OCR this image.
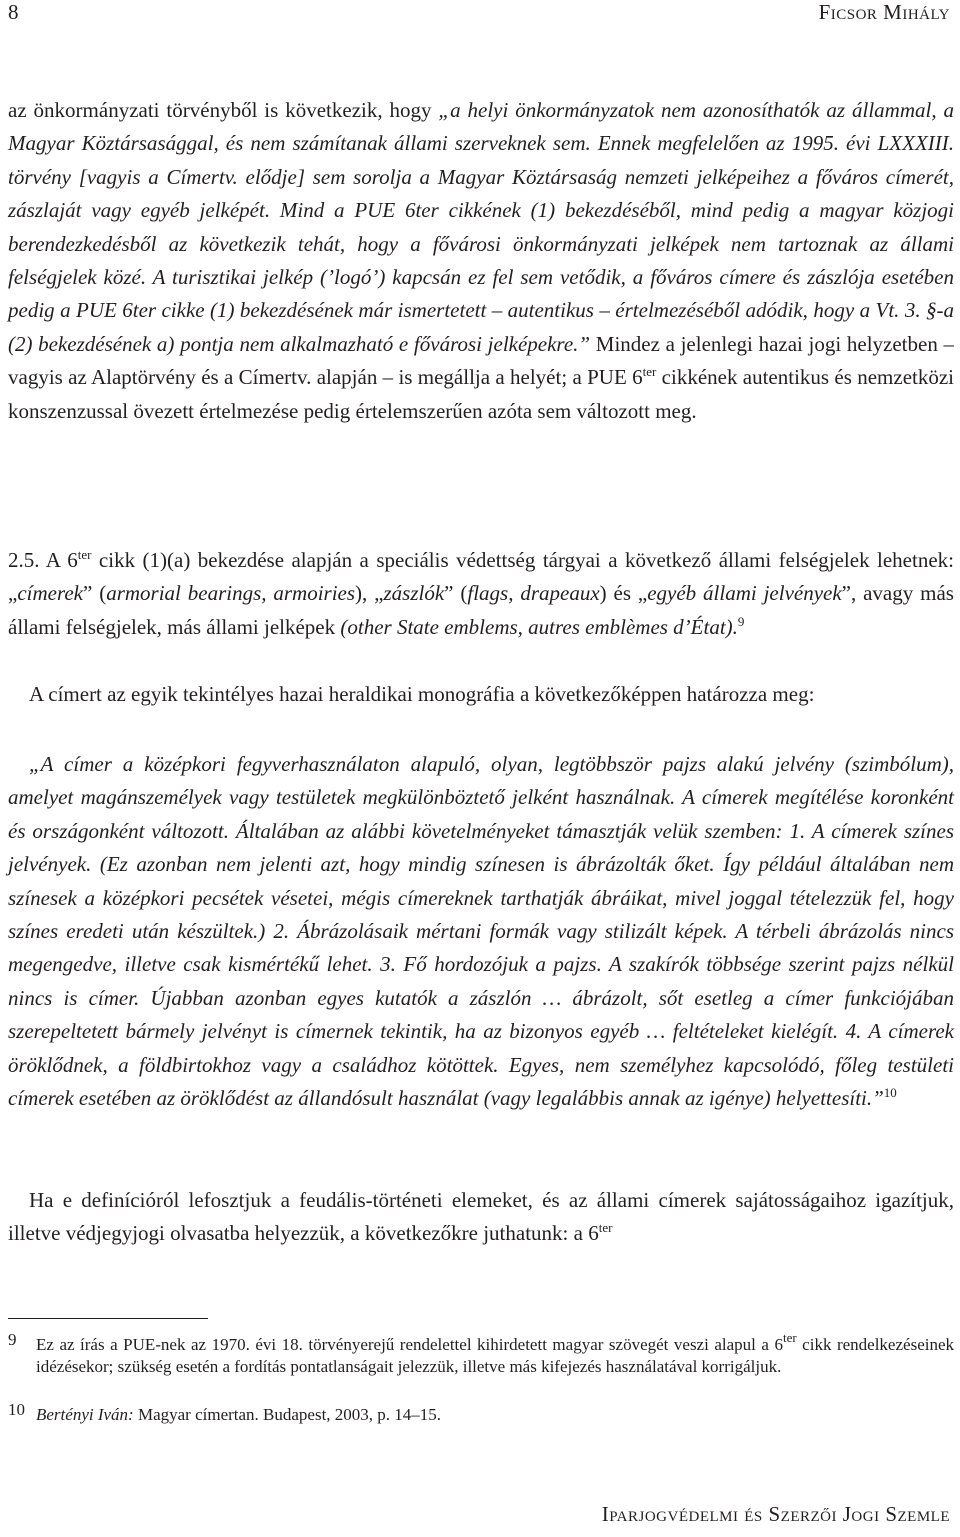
8	Ficsor Mihály

az önkormányzati törvényből is következik, hogy „a helyi önkormányzatok nem azonosíthatók az állammal, a Magyar Köztársasággal, és nem számítanak állami szerveknek sem. Ennek megfelelően az 1995. évi LXXXIII. törvény [vagyis a Címertv. elődje] sem sorolja a Magyar Köztársaság nemzeti jelképeihez a főváros címerét, zászlaját vagy egyéb jelképét. Mind a PUE 6ter cikkének (1) bekezdéséből, mind pedig a magyar közjogi berendezkedésből az következik tehát, hogy a fővárosi önkormányzati jelképek nem tartoznak az állami felségjelek közé. A turisztikai jelkép (’logó’) kapcsán ez fel sem vetődik, a főváros címere és zászlója esetében pedig a PUE 6ter cikke (1) bekezdésének már ismertetett – autentikus – értelmezéséből adódik, hogy a Vt. 3. §-a (2) bekezdésének a) pontja nem alkalmazható e fővárosi jelképekre.” Mindez a jelenlegi hazai jogi helyzetben – vagyis az Alaptörvény és a Címertv. alapján – is megállja a helyét; a PUE $6^{ter}$ cikkének autentikus és nemzetközi konszenzussal övezett értelmezése pedig értelemszerűen azóta sem változott meg.

2.5. A $6^{ter}$ cikk (1)(a) bekezdése alapján a speciális védettség tárgyai a következő állami felségjelek lehetnek: „címerek” (armorial bearings, armoiries), „zászlók” (flags, drapeaux) és „egyéb állami jelvények”, avagy más állami felségjelek, más állami jelképek (other State emblems, autres emblèmes d’État).$^9$

A címert az egyik tekintélyes hazai heraldikai monográfia a következőképpen határozza meg:

„A címer a középkori fegyverhasználaton alapuló, olyan, legtöbbször pajzs alakú jelvény (szimbólum), amelyet magánszemélyek vagy testületek megkülönböztető jelként használnak. A címerek megítélése koronként és országonként változott. Általában az alábbi követelményeket támasztják velük szemben: 1. A címerek színes jelvények. (Ez azonban nem jelenti azt, hogy mindig színesen is ábrázolták őket. Így például általában nem színesek a középkori pecsétek vésetei, mégis címereknek tarthatják ábráikat, mivel joggal tételezzük fel, hogy színes eredeti után készültek.) 2. Ábrázolásaik mértani formák vagy stilizált képek. A térbeli ábrázolás nincs megengedve, illetve csak kismértékű lehet. 3. Fő hordozójuk a pajzs. A szakírók többsége szerint pajzs nélkül nincs is címer. Újabban azonban egyes kutatók a zászlón … ábrázolt, sőt esetleg a címer funkciójában szerepeltetett bármely jelvényt is címernek tekintik, ha az bizonyos egyéb … feltételeket kielégít. 4. A címerek öröklődnek, a földbirtokhoz vagy a családhoz kötöttek. Egyes, nem személyhez kapcsolódó, főleg testületi címerek esetében az öröklődést az állandósult használat (vagy legalábbis annak az igénye) helyettesíti.”$^{10}$

Ha e definícióról lefosztjuk a feudális-történeti elemeket, és az állami címerek sajátosságaihoz igazítjuk, illetve védjegyjogi olvasatba helyezzük, a következőkre juthatunk: a $6^{ter}$

9 Ez az írás a PUE-nek az 1970. évi 18. törvényerejű rendelettel kihirdetett magyar szövegét veszi alapul a $6^{ter}$ cikk rendelkezéseinek idézésekor; szükség esetén a fordítás pontatlanságait jelezzük, illetve más kifejezés használatával korrigáljuk.

10 Bertényi Iván: Magyar címertan. Budapest, 2003, p. 14–15.

Iparjogvédelmi és Szerzői Jogi Szemle
